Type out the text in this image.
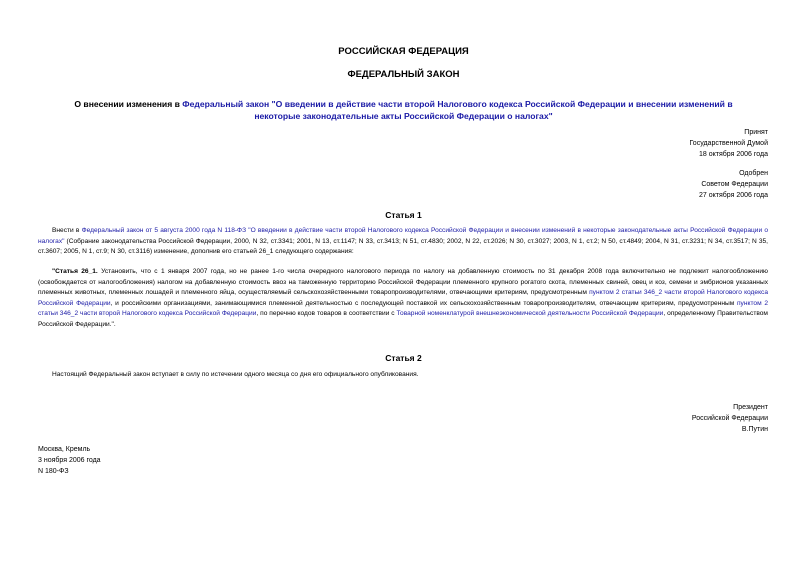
РОССИЙСКАЯ ФЕДЕРАЦИЯ
ФЕДЕРАЛЬНЫЙ ЗАКОН
О внесении изменения в Федеральный закон "О введении в действие части второй Налогового кодекса Российской Федерации и внесении изменений в некоторые законодательные акты Российской Федерации о налогах"
Принят
Государственной Думой
18 октября 2006 года
Одобрен
Советом Федерации
27 октября 2006 года
Статья 1
Внести в Федеральный закон от 5 августа 2000 года N 118-ФЗ "О введении в действие части второй Налогового кодекса Российской Федерации и внесении изменений в некоторые законодательные акты Российской Федерации о налогах" (Собрание законодательства Российской Федерации, 2000, N 32, ст.3341; 2001, N 13, ст.1147; N 33, ст.3413; N 51, ст.4830; 2002, N 22, ст.2026; N 30, ст.3027; 2003, N 1, ст.2; N 50, ст.4849; 2004, N 31, ст.3231; N 34, ст.3517; N 35, ст.3607; 2005, N 1, ст.9; N 30, ст.3116) изменение, дополнив его статьей 26_1 следующего содержания:
"Статья 26_1. Установить, что с 1 января 2007 года, но не ранее 1-го числа очередного налогового периода по налогу на добавленную стоимость по 31 декабря 2008 года включительно не подлежит налогообложению (освобождается от налогообложения) налогом на добавленную стоимость ввоз на таможенную территорию Российской Федерации племенного крупного рогатого скота, племенных свиней, овец и коз, семени и эмбрионов указанных племенных животных, племенных лошадей и племенного яйца, осуществляемый сельскохозяйственными товаропроизводителями, отвечающими критериям, предусмотренным пунктом 2 статьи 346_2 части второй Налогового кодекса Российской Федерации, и российскими организациями, занимающимися племенной деятельностью с последующей поставкой их сельскохозяйственным товаропроизводителям, отвечающим критериям, предусмотренным пунктом 2 статьи 346_2 части второй Налогового кодекса Российской Федерации, по перечню кодов товаров в соответствии с Товарной номенклатурой внешнеэкономической деятельности Российской Федерации, определенному Правительством Российской Федерации.".
Статья 2
Настоящий Федеральный закон вступает в силу по истечении одного месяца со дня его официального опубликования.
Президент
Российской Федерации
В.Путин
Москва, Кремль
3 ноября 2006 года
N 180-ФЗ
